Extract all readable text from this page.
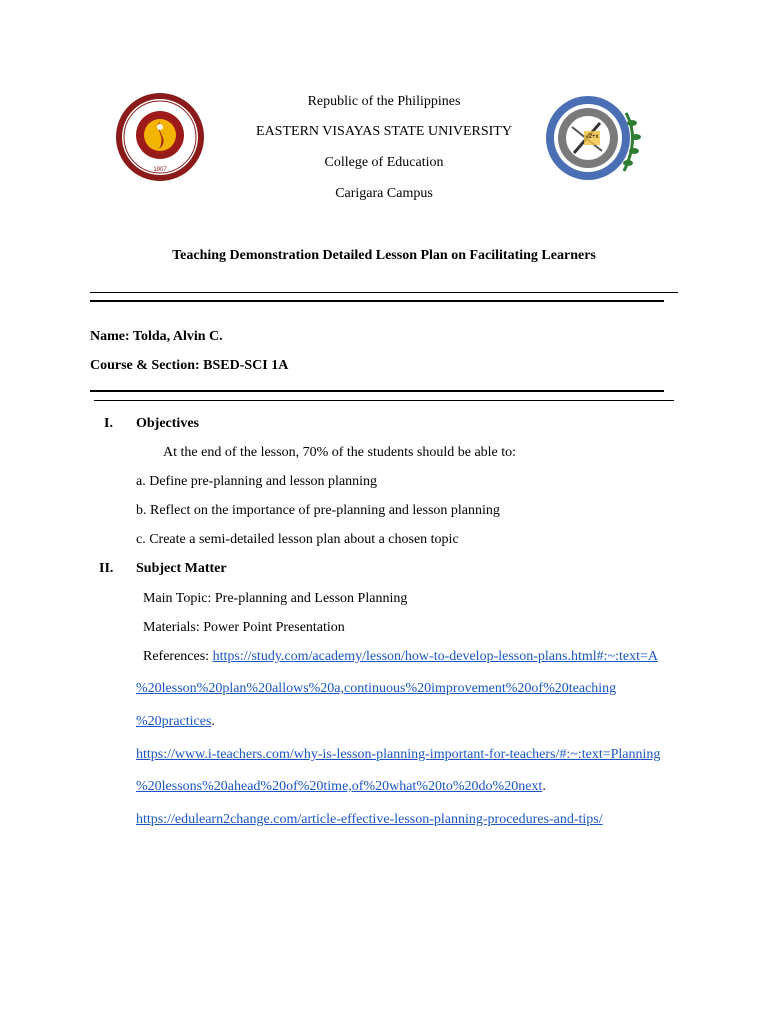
1907
√2+x
Republic of the Philippines
EASTERN VISAYAS STATE UNIVERSITY
College of Education
Carigara Campus
Teaching Demonstration Detailed Lesson Plan on Facilitating Learners
Name: Tolda, Alvin C.
Course & Section: BSED-SCI 1A
I. Objectives
At the end of the lesson, 70% of the students should be able to:
a. Define pre-planning and lesson planning
b. Reflect on the importance of pre-planning and lesson planning
c. Create a semi-detailed lesson plan about a chosen topic
II. Subject Matter
Main Topic: Pre-planning and Lesson Planning
Materials: Power Point Presentation
References: https://study.com/academy/lesson/how-to-develop-lesson-plans.html#:~:text=A
%20lesson%20plan%20allows%20a,continuous%20improvement%20of%20teaching
%20practices.
https://www.i-teachers.com/why-is-lesson-planning-important-for-teachers/#:~:text=Planning
%20lessons%20ahead%20of%20time,of%20what%20to%20do%20next.
https://edulearn2change.com/article-effective-lesson-planning-procedures-and-tips/
